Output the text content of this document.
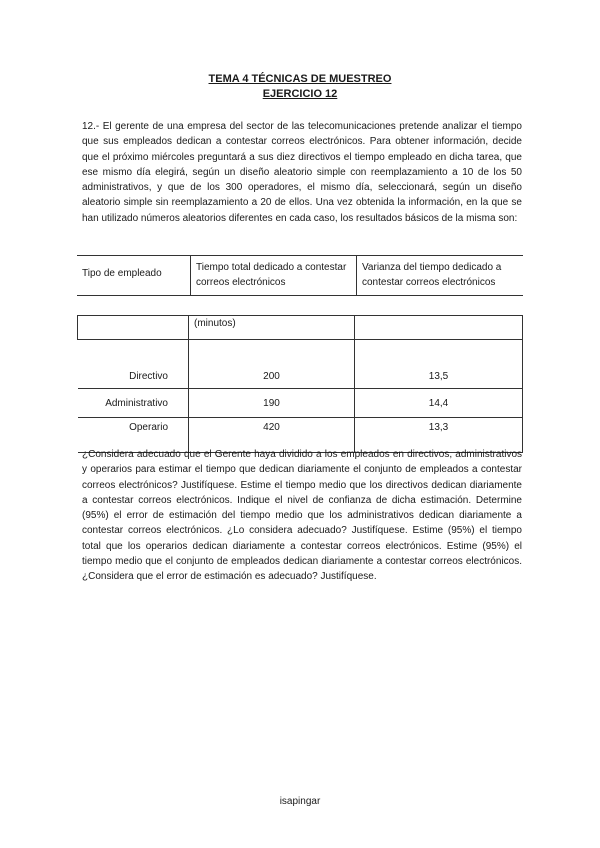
TEMA 4 TÉCNICAS DE MUESTREO
EJERCICIO 12

12.- El gerente de una empresa del sector de las telecomunicaciones pretende analizar el tiempo que sus empleados dedican a contestar correos electrónicos. Para obtener información, decide que el próximo miércoles preguntará a sus diez directivos el tiempo empleado en dicha tarea, que ese mismo día elegirá, según un diseño aleatorio simple con reemplazamiento a 10 de los 50 administrativos, y que de los 300 operadores, el mismo día, seleccionará, según un diseño aleatorio simple sin reemplazamiento a 20 de ellos. Una vez obtenida la información, en la que se han utilizado números aleatorios diferentes en cada caso, los resultados básicos de la misma son:

Tipo de empleado	Tiempo total dedicado a contestar correos electrónicos	Varianza del tiempo dedicado a contestar correos electrónicos
	(minutos)	
Directivo	200	13,5
Administrativo	190	14,4
Operario	420	13,3

¿Considera adecuado que el Gerente haya dividido a los empleados en directivos, administrativos y operarios para estimar el tiempo que dedican diariamente el conjunto de empleados a contestar correos electrónicos? Justifíquese. Estime el tiempo medio que los directivos dedican diariamente a contestar correos electrónicos. Indique el nivel de confianza de dicha estimación. Determine (95%) el error de estimación del tiempo medio que los administrativos dedican diariamente a contestar correos electrónicos. ¿Lo considera adecuado? Justifíquese. Estime (95%) el tiempo total que los operarios dedican diariamente a contestar correos electrónicos. Estime (95%) el tiempo medio que el conjunto de empleados dedican diariamente a contestar correos electrónicos. ¿Considera que el error de estimación es adecuado? Justifíquese.

isapingar
